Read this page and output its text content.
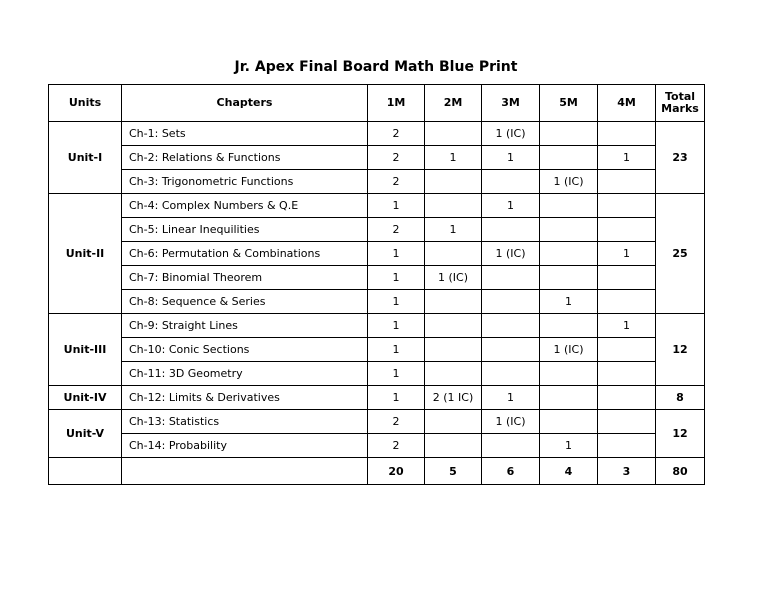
Jr. Apex Final Board Math Blue Print
Units	Chapters	1M	2M	3M	5M	4M	Total Marks
Unit-I	Ch-1: Sets	2		1 (IC)			23
	Ch-2: Relations & Functions	2	1	1		1	
	Ch-3: Trigonometric Functions	2			1 (IC)		
Unit-II	Ch-4: Complex Numbers & Q.E	1		1			25
	Ch-5: Linear Inequilities	2	1				
	Ch-6: Permutation & Combinations	1		1 (IC)		1	
	Ch-7: Binomial Theorem	1	1 (IC)				
	Ch-8: Sequence & Series	1			1		
Unit-III	Ch-9: Straight Lines	1				1	12
	Ch-10: Conic Sections	1			1 (IC)		
	Ch-11: 3D Geometry	1					
Unit-IV	Ch-12: Limits & Derivatives	1	2 (1 IC)	1			8
Unit-V	Ch-13: Statistics	2		1 (IC)			12
	Ch-14: Probability	2			1		
		20	5	6	4	3	80
